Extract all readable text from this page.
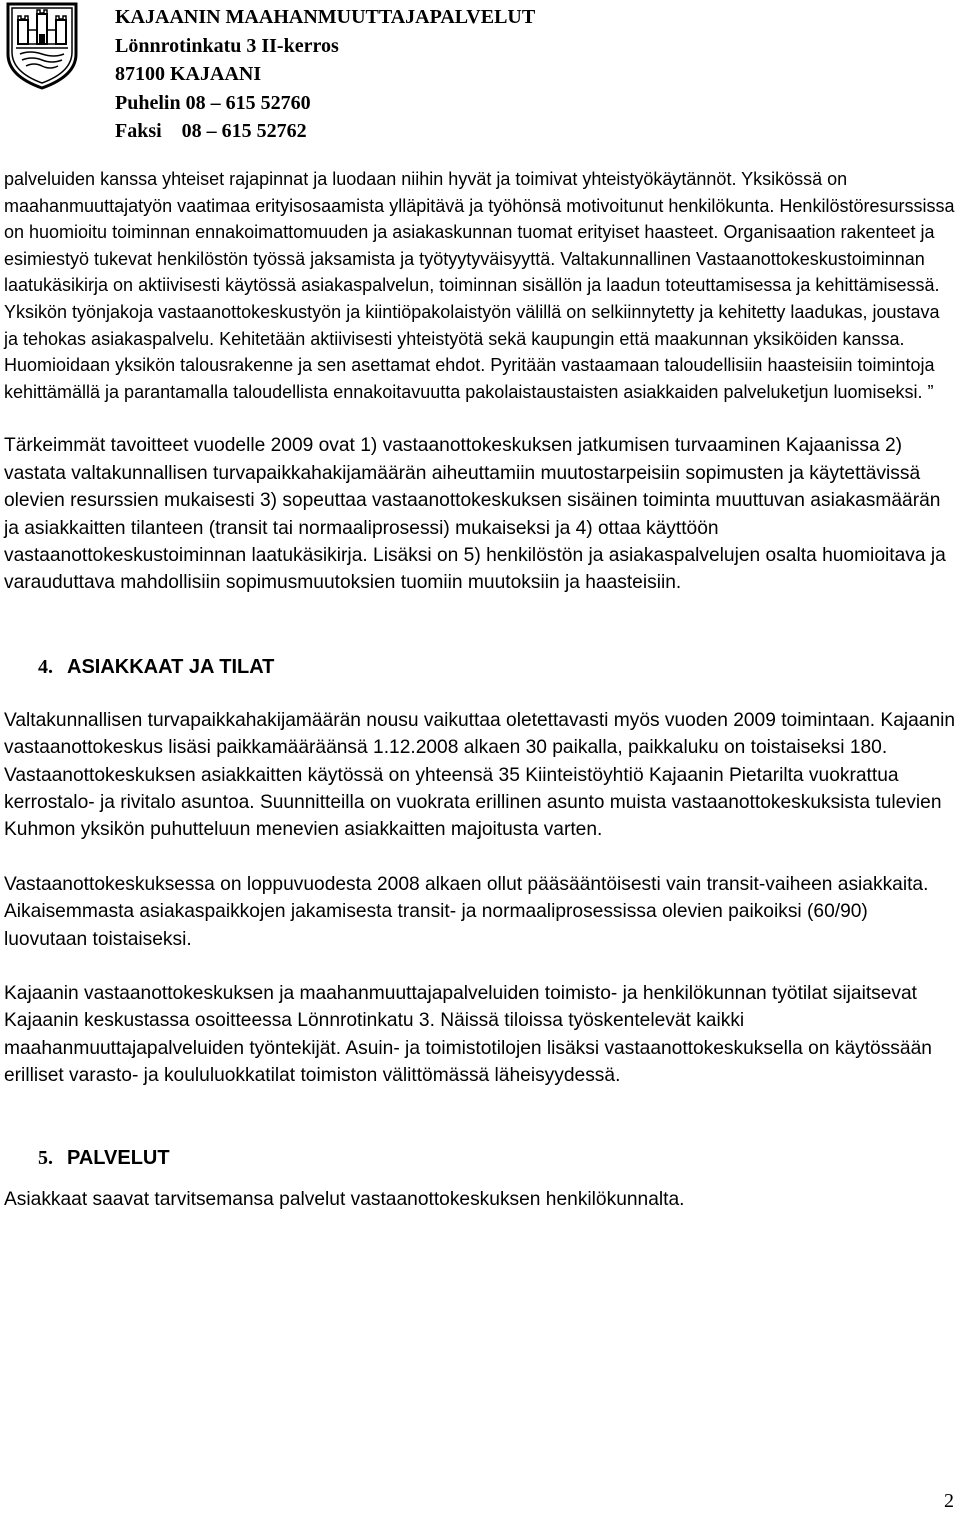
KAJAANIN MAAHANMUUTTAJAPALVELUT
Lönnrotinkatu 3 II-kerros
87100 KAJAANI
Puhelin 08 – 615 52760
Faksi    08 – 615 52762

palveluiden kanssa yhteiset rajapinnat ja luodaan niihin hyvät ja toimivat yhteistyökäytännöt. Yksikössä on maahanmuuttajatyön vaatimaa erityisosaamista ylläpitävä ja työhönsä motivoitunut henkilökunta. Henkilöstöresurssissa on huomioitu toiminnan ennakoimattomuuden ja asiakaskunnan tuomat erityiset haasteet. Organisaation rakenteet ja esimiestyö tukevat henkilöstön työssä jaksamista ja työtyytyväisyyttä. Valtakunnallinen Vastaanottokeskustoiminnan laatukäsikirja on aktiivisesti käytössä asiakaspalvelun, toiminnan sisällön ja laadun toteuttamisessa ja kehittämisessä. Yksikön työnjakoja vastaanottokeskustyön ja kiintiöpakolaistyön välillä on selkiinnytetty ja kehitetty laadukas, joustava ja tehokas asiakaspalvelu. Kehitetään aktiivisesti yhteistyötä sekä kaupungin että maakunnan yksiköiden kanssa. Huomioidaan yksikön talousrakenne ja sen asettamat ehdot. Pyritään vastaamaan taloudellisiin haasteisiin toimintoja kehittämällä ja parantamalla taloudellista ennakoitavuutta pakolaistaustaisten asiakkaiden palveluketjun luomiseksi. ”

Tärkeimmät tavoitteet vuodelle 2009 ovat 1) vastaanottokeskuksen jatkumisen turvaaminen Kajaanissa 2) vastata valtakunnallisen turvapaikkahakijamäärän aiheuttamiin muutostarpeisiin sopimusten ja käytettävissä olevien resurssien mukaisesti 3) sopeuttaa vastaanottokeskuksen sisäinen toiminta muuttuvan asiakasmäärän ja asiakkaitten tilanteen (transit tai normaaliprosessi) mukaiseksi ja 4) ottaa käyttöön vastaanottokeskustoiminnan laatukäsikirja. Lisäksi on 5) henkilöstön ja asiakaspalvelujen osalta huomioitava ja varauduttava mahdollisiin sopimusmuutoksien tuomiin muutoksiin ja haasteisiin.

4. ASIAKKAAT JA TILAT

Valtakunnallisen turvapaikkahakijamäärän nousu vaikuttaa oletettavasti myös vuoden 2009 toimintaan. Kajaanin vastaanottokeskus lisäsi paikkamääräänsä 1.12.2008 alkaen 30 paikalla, paikkaluku on toistaiseksi 180. Vastaanottokeskuksen asiakkaitten käytössä on yhteensä 35 Kiinteistöyhtiö Kajaanin Pietarilta vuokrattua kerrostalo- ja rivitalo asuntoa. Suunnitteilla on vuokrata erillinen asunto muista vastaanottokeskuksista tulevien Kuhmon yksikön puhutteluun menevien asiakkaitten majoitusta varten.

Vastaanottokeskuksessa on loppuvuodesta 2008 alkaen ollut pääsääntöisesti vain transit-vaiheen asiakkaita. Aikaisemmasta asiakaspaikkojen jakamisesta transit- ja normaaliprosessissa olevien paikoiksi (60/90) luovutaan toistaiseksi.

Kajaanin vastaanottokeskuksen ja maahanmuuttajapalveluiden toimisto- ja henkilökunnan työtilat sijaitsevat Kajaanin keskustassa osoitteessa Lönnrotinkatu 3. Näissä tiloissa työskentelevät kaikki maahanmuuttajapalveluiden työntekijät. Asuin- ja toimistotilojen lisäksi vastaanottokeskuksella on käytössään erilliset varasto- ja koululuokkatilat toimiston välittömässä läheisyydessä.

5. PALVELUT

Asiakkaat saavat tarvitsemansa palvelut vastaanottokeskuksen henkilökunnalta.

2
